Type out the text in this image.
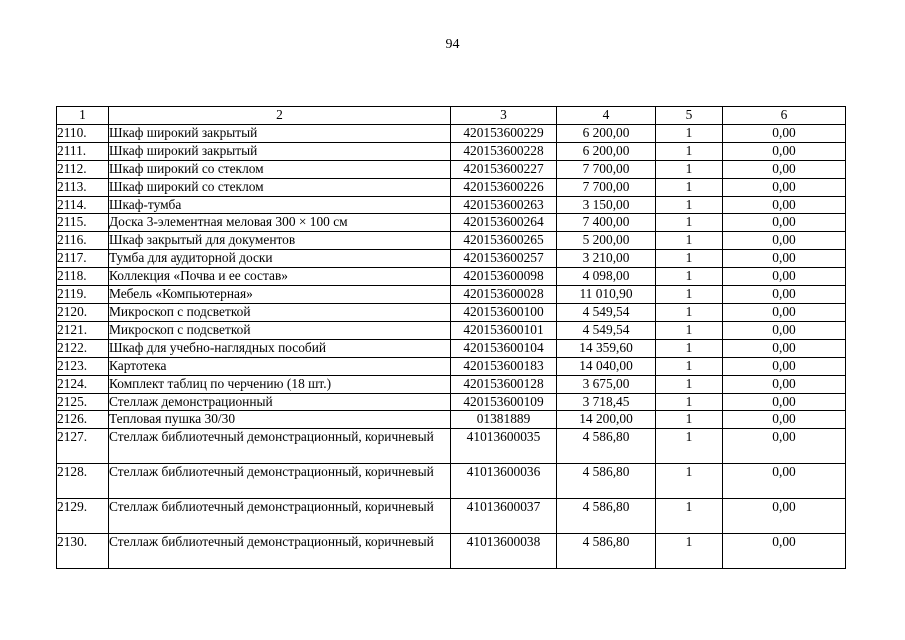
94
1	2	3	4	5	6
2110.	Шкаф широкий закрытый	420153600229	6 200,00	1	0,00
2111.	Шкаф широкий закрытый	420153600228	6 200,00	1	0,00
2112.	Шкаф широкий со стеклом	420153600227	7 700,00	1	0,00
2113.	Шкаф широкий со стеклом	420153600226	7 700,00	1	0,00
2114.	Шкаф-тумба	420153600263	3 150,00	1	0,00
2115.	Доска 3-элементная меловая 300 × 100 см	420153600264	7 400,00	1	0,00
2116.	Шкаф закрытый для документов	420153600265	5 200,00	1	0,00
2117.	Тумба для аудиторной доски	420153600257	3 210,00	1	0,00
2118.	Коллекция «Почва и ее состав»	420153600098	4 098,00	1	0,00
2119.	Мебель «Компьютерная»	420153600028	11 010,90	1	0,00
2120.	Микроскоп с подсветкой	420153600100	4 549,54	1	0,00
2121.	Микроскоп с подсветкой	420153600101	4 549,54	1	0,00
2122.	Шкаф для учебно-наглядных пособий	420153600104	14 359,60	1	0,00
2123.	Картотека	420153600183	14 040,00	1	0,00
2124.	Комплект таблиц по черчению (18 шт.)	420153600128	3 675,00	1	0,00
2125.	Стеллаж демонстрационный	420153600109	3 718,45	1	0,00
2126.	Тепловая пушка 30/30	01381889	14 200,00	1	0,00
2127.	Стеллаж библиотечный демонстрационный, коричневый	41013600035	4 586,80	1	0,00
2128.	Стеллаж библиотечный демонстрационный, коричневый	41013600036	4 586,80	1	0,00
2129.	Стеллаж библиотечный демонстрационный, коричневый	41013600037	4 586,80	1	0,00
2130.	Стеллаж библиотечный демонстрационный, коричневый	41013600038	4 586,80	1	0,00
